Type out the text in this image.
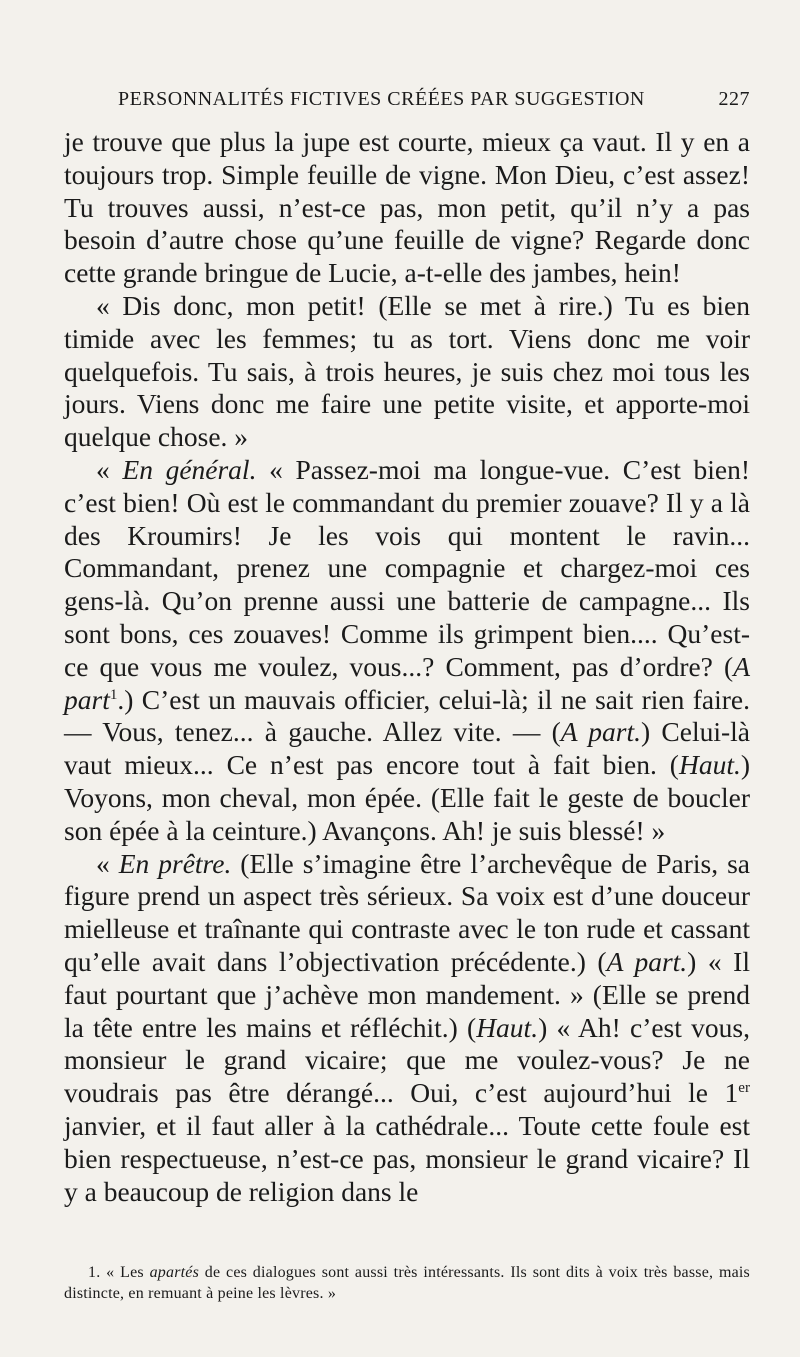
PERSONNALITÉS FICTIVES CRÉÉES PAR SUGGESTION	227

je trouve que plus la jupe est courte, mieux ça vaut. Il y en a toujours trop. Simple feuille de vigne. Mon Dieu, c’est assez! Tu trouves aussi, n’est-ce pas, mon petit, qu’il n’y a pas besoin d’autre chose qu’une feuille de vigne? Regarde donc cette grande bringue de Lucie, a-t-elle des jambes, hein!

« Dis donc, mon petit! (Elle se met à rire.) Tu es bien timide avec les femmes; tu as tort. Viens donc me voir quelquefois. Tu sais, à trois heures, je suis chez moi tous les jours. Viens donc me faire une petite visite, et apporte-moi quelque chose. »

« En général. « Passez-moi ma longue-vue. C’est bien! c’est bien! Où est le commandant du premier zouave? Il y a là des Kroumirs! Je les vois qui montent le ravin... Commandant, prenez une compagnie et chargez-moi ces gens-là. Qu’on prenne aussi une batterie de campagne... Ils sont bons, ces zouaves! Comme ils grimpent bien.... Qu’est-ce que vous me voulez, vous...? Comment, pas d’ordre? (A part$^1$.) C’est un mauvais officier, celui-là; il ne sait rien faire. — Vous, tenez... à gauche. Allez vite. — (A part.) Celui-là vaut mieux... Ce n’est pas encore tout à fait bien. (Haut.) Voyons, mon cheval, mon épée. (Elle fait le geste de boucler son épée à la ceinture.) Avançons. Ah! je suis blessé! »

« En prêtre. (Elle s’imagine être l’archevêque de Paris, sa figure prend un aspect très sérieux. Sa voix est d’une douceur mielleuse et traînante qui contraste avec le ton rude et cassant qu’elle avait dans l’objectivation précédente.) (A part.) « Il faut pourtant que j’achève mon mandement. » (Elle se prend la tête entre les mains et réfléchit.) (Haut.) « Ah! c’est vous, monsieur le grand vicaire; que me voulez-vous? Je ne voudrais pas être dérangé... Oui, c’est aujourd’hui le 1er janvier, et il faut aller à la cathédrale... Toute cette foule est bien respectueuse, n’est-ce pas, monsieur le grand vicaire? Il y a beaucoup de religion dans le

1. « Les apartés de ces dialogues sont aussi très intéressants. Ils sont dits à voix très basse, mais distincte, en remuant à peine les lèvres. »
